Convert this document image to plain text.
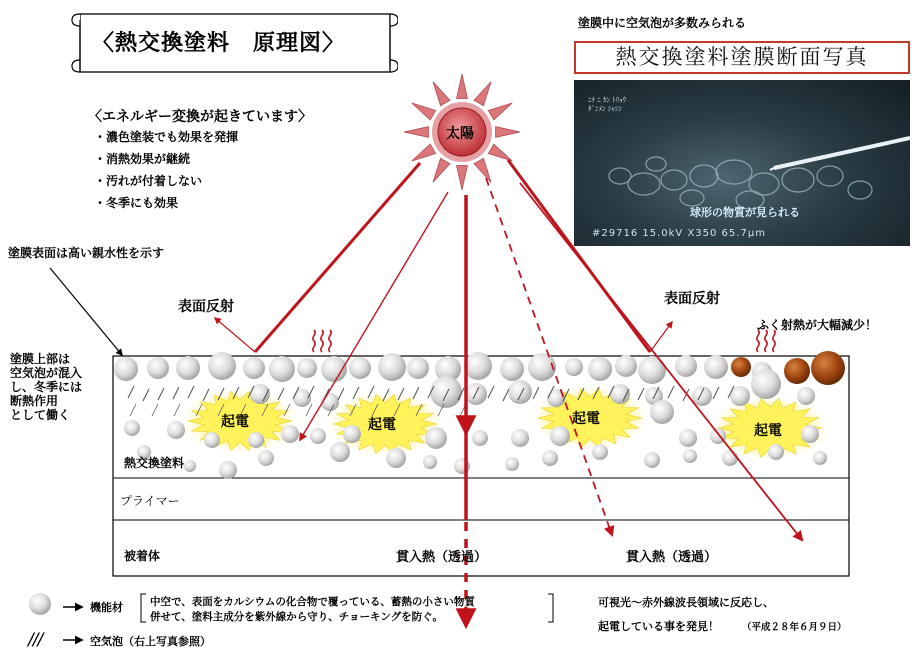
〈熱交換塗料　原理図〉
〈エネルギー変換が起きています〉
・濃色塗装でも効果を発揮
・消熱効果が継続
・汚れが付着しない
・冬季にも効果
塗膜中に空気泡が多数みられる
熱交換塗料塗膜断面写真
ﾆﾁ ﾆ ｶﾝ ﾄﾘｮｳ
ﾀﾞﾝﾒﾝ ｼｬｼﾝ
球形の物質が見られる
#29716 15.0kV X350 65.7μm
太陽
塗膜表面は高い親水性を示す
表面反射	表面反射
ふく射熱が大幅減少！
塗膜上部は
空気泡が混入
し、冬季には
断熱作用
として働く	起電	起電	起電
起電
熱交換塗料
プライマー
被着体	貫入熱（透過）	貫入熱（透過）
機能材	中空で、表面をカルシウムの化合物で覆っている、蓄熱の小さい物質
併せて、塗料主成分を紫外線から守り、チョーキングを防ぐ。
///	空気泡（右上写真参照）
可視光～赤外線波長領域に反応し、
起電している事を発見！ （平成２８年６月９日）
